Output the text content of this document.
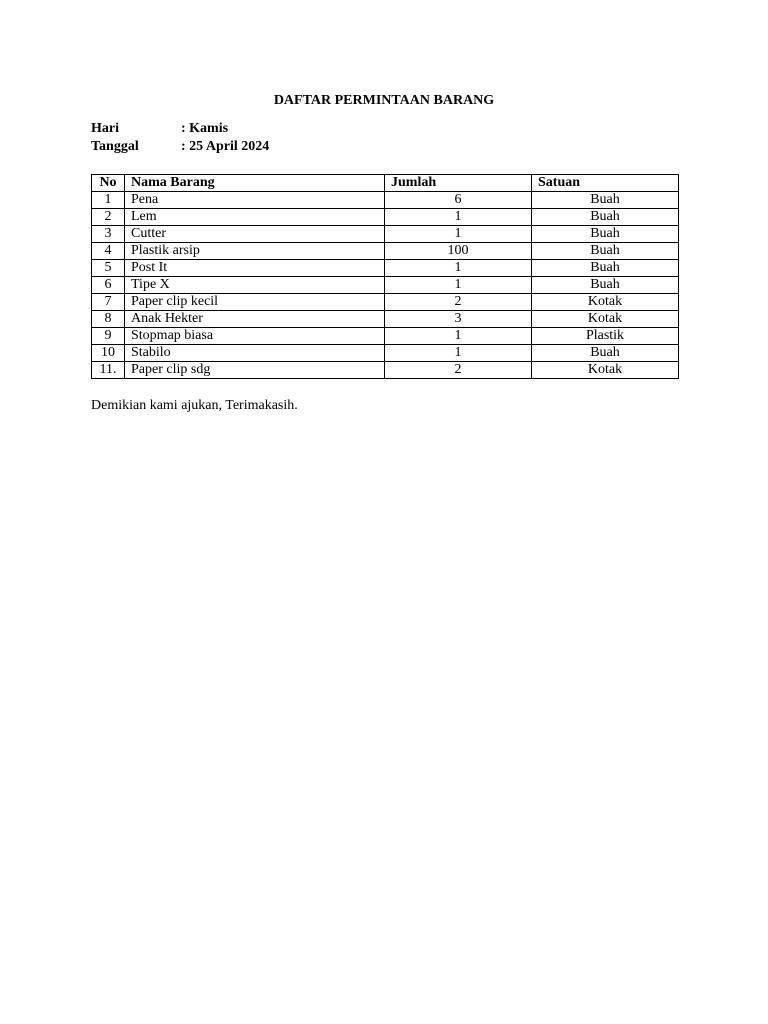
DAFTAR PERMINTAAN BARANG
Hari	: Kamis
Tanggal	: 25 April 2024
No	Nama Barang	Jumlah	Satuan
1	Pena	6	Buah
2	Lem	1	Buah
3	Cutter	1	Buah
4	Plastik arsip	100	Buah
5	Post It	1	Buah
6	Tipe X	1	Buah
7	Paper clip kecil	2	Kotak
8	Anak Hekter	3	Kotak
9	Stopmap biasa	1	Plastik
10	Stabilo	1	Buah
11.	Paper clip sdg	2	Kotak
Demikian kami ajukan, Terimakasih.
